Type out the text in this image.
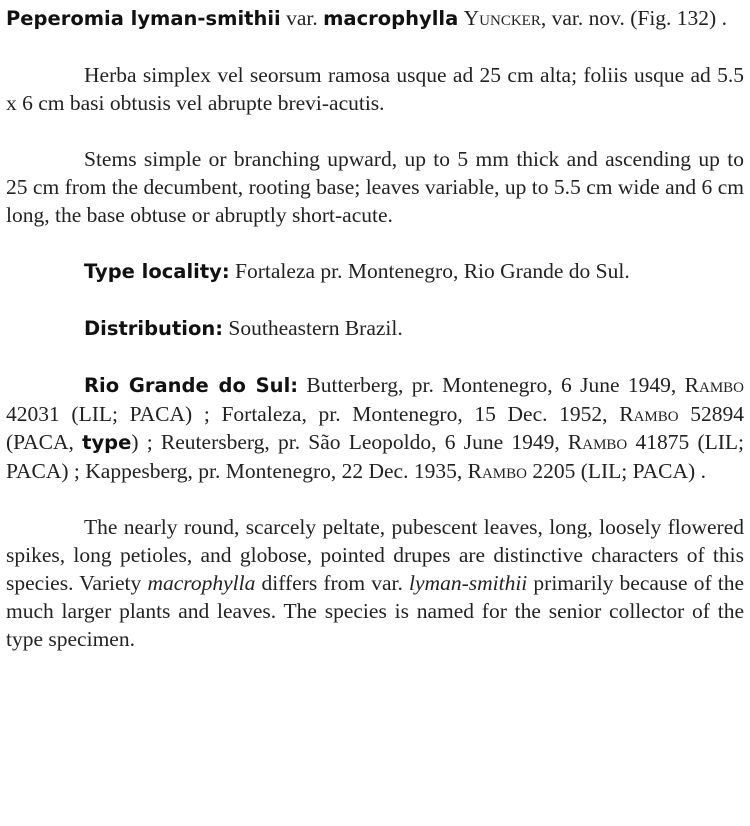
Peperomia lyman-smithii var. macrophylla Yuncker, var. nov. (Fig. 132) .

Herba simplex vel seorsum ramosa usque ad 25 cm alta; foliis usque ad 5.5 x 6 cm basi obtusis vel abrupte brevi-acutis.

Stems simple or branching upward, up to 5 mm thick and ascending up to 25 cm from the decumbent, rooting base; leaves variable, up to 5.5 cm wide and 6 cm long, the base obtuse or abruptly short-acute.

Type locality: Fortaleza pr. Montenegro, Rio Grande do Sul.

Distribution: Southeastern Brazil.

Rio Grande do Sul: Butterberg, pr. Montenegro, 6 June 1949, Rambo 42031 (LIL; PACA) ; Fortaleza, pr. Montenegro, 15 Dec. 1952, Rambo 52894 (PACA, type) ; Reutersberg, pr. São Leopoldo, 6 June 1949, Rambo 41875 (LIL; PACA) ; Kappesberg, pr. Montenegro, 22 Dec. 1935, Rambo 2205 (LIL; PACA) .

The nearly round, scarcely peltate, pubescent leaves, long, loosely flowered spikes, long petioles, and globose, pointed drupes are distinctive characters of this species. Variety macrophylla differs from var. lyman-smithii primarily because of the much larger plants and leaves. The species is named for the senior collector of the type specimen.
